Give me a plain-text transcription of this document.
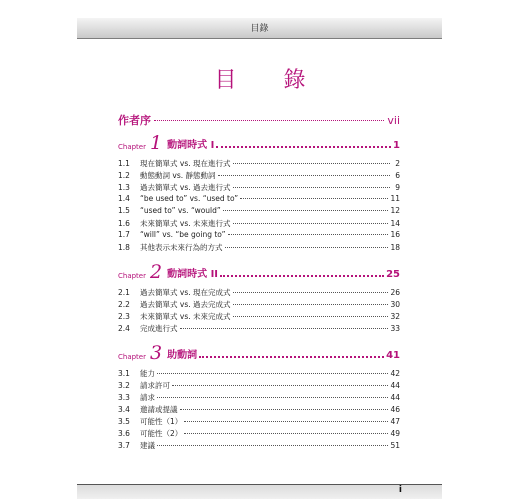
目錄
目 錄
作者序	vii
Chapter 1 動詞時式 I	1
1.1	現在簡單式 vs. 現在進行式	2
1.2	動態動詞 vs. 靜態動詞	6
1.3	過去簡單式 vs. 過去進行式	9
1.4	“be used to” vs. “used to”	11
1.5	“used to” vs. “would”	12
1.6	未來簡單式 vs. 未來進行式	14
1.7	“will” vs. “be going to”	16
1.8	其他表示未來行為的方式	18
Chapter 2 動詞時式 II	25
2.1	過去簡單式 vs. 現在完成式	26
2.2	過去簡單式 vs. 過去完成式	30
2.3	未來簡單式 vs. 未來完成式	32
2.4	完成進行式	33
Chapter 3 助動詞	41
3.1	能力	42
3.2	請求許可	44
3.3	請求	44
3.4	邀請或提議	46
3.5	可能性（1）	47
3.6	可能性（2）	49
3.7	建議	51
i
